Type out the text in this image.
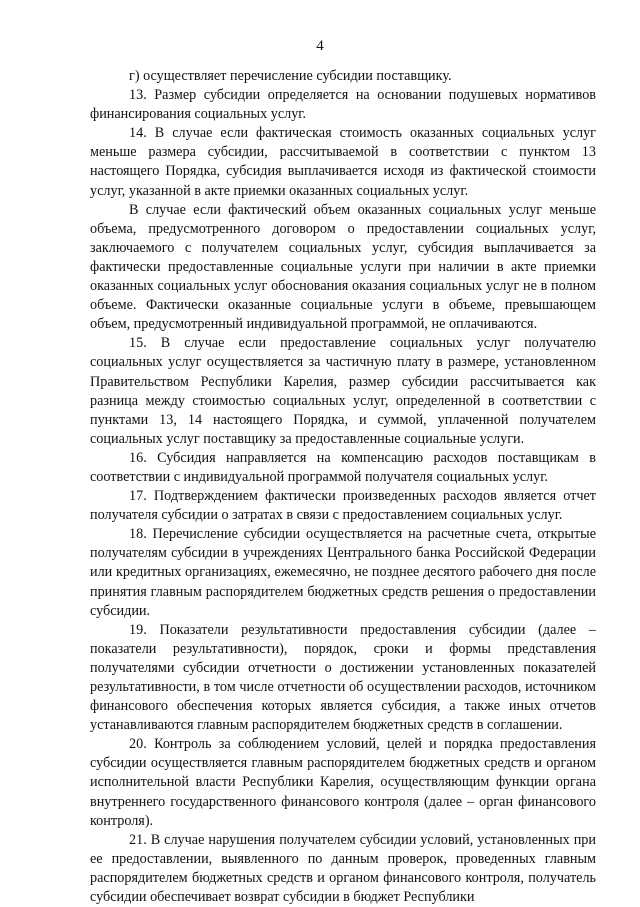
4

г) осуществляет перечисление субсидии поставщику.

13. Размер субсидии определяется на основании подушевых нормативов финансирования социальных услуг.

14. В случае если фактическая стоимость оказанных социальных услуг меньше размера субсидии, рассчитываемой в соответствии с пунктом 13 настоящего Порядка, субсидия выплачивается исходя из фактической стоимости услуг, указанной в акте приемки оказанных социальных услуг.

В случае если фактический объем оказанных социальных услуг меньше объема, предусмотренного договором о предоставлении социальных услуг, заключаемого с получателем социальных услуг, субсидия выплачивается за фактически предоставленные социальные услуги при наличии в акте приемки оказанных социальных услуг обоснования оказания социальных услуг не в полном объеме. Фактически оказанные социальные услуги в объеме, превышающем объем, предусмотренный индивидуальной программой, не оплачиваются.

15. В случае если предоставление социальных услуг получателю социальных услуг осуществляется за частичную плату в размере, установленном Правительством Республики Карелия, размер субсидии рассчитывается как разница между стоимостью социальных услуг, определенной в соответствии с пунктами 13, 14 настоящего Порядка, и суммой, уплаченной получателем социальных услуг поставщику за предоставленные социальные услуги.

16. Субсидия направляется на компенсацию расходов поставщикам в соответствии с индивидуальной программой получателя социальных услуг.

17. Подтверждением фактически произведенных расходов является отчет получателя субсидии о затратах в связи с предоставлением социальных услуг.

18. Перечисление субсидии осуществляется на расчетные счета, открытые получателям субсидии в учреждениях Центрального банка Российской Федерации или кредитных организациях, ежемесячно, не позднее десятого рабочего дня после принятия главным распорядителем бюджетных средств решения о предоставлении субсидии.

19. Показатели результативности предоставления субсидии (далее – показатели результативности), порядок, сроки и формы представления получателями субсидии отчетности о достижении установленных показателей результативности, в том числе отчетности об осуществлении расходов, источником финансового обеспечения которых является субсидия, а также иных отчетов устанавливаются главным распорядителем бюджетных средств в соглашении.

20. Контроль за соблюдением условий, целей и порядка предоставления субсидии осуществляется главным распорядителем бюджетных средств и органом исполнительной власти Республики Карелия, осуществляющим функции органа внутреннего государственного финансового контроля (далее – орган финансового контроля).

21. В случае нарушения получателем субсидии условий, установленных при ее предоставлении, выявленного по данным проверок, проведенных главным распорядителем бюджетных средств и органом финансового контроля, получатель субсидии обеспечивает возврат субсидии в бюджет Республики
